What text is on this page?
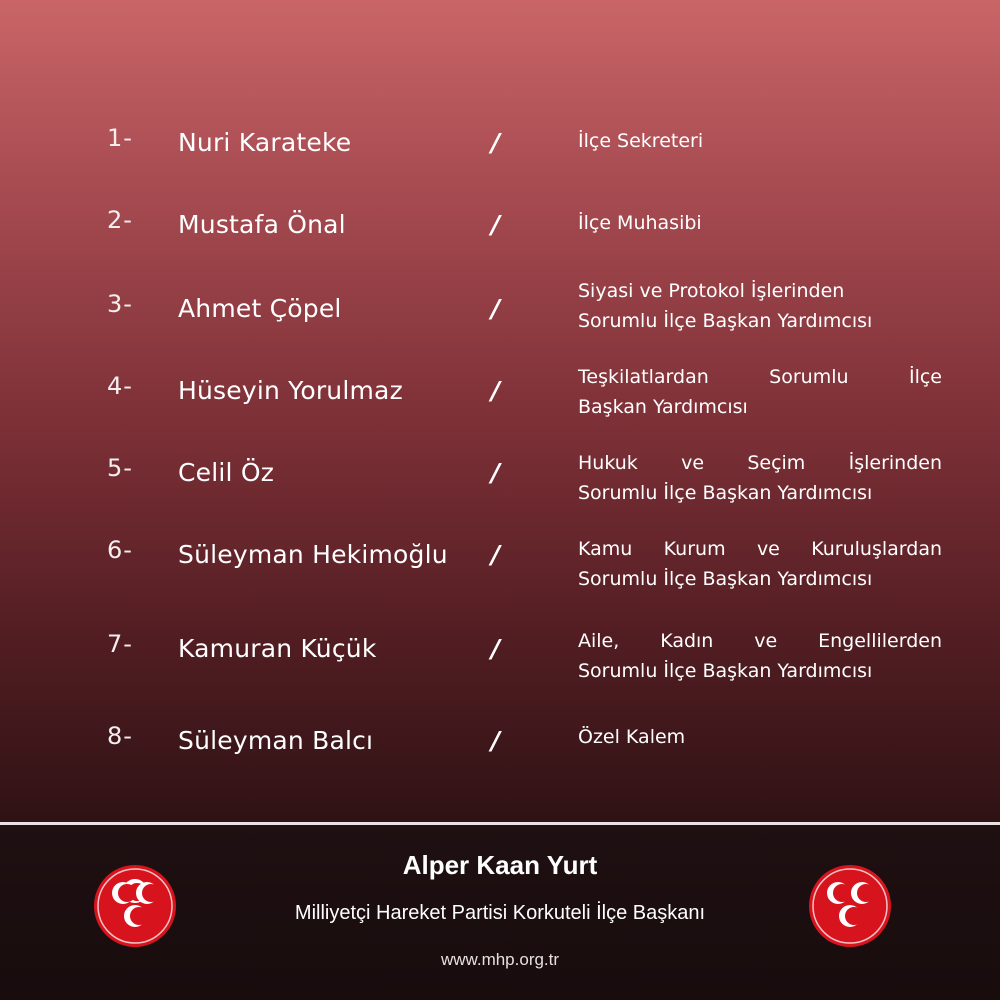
1- Nuri Karateke	/	İlçe Sekreteri
2- Mustafa Önal	/	İlçe Muhasibi
3- Ahmet Çöpel	/
Siyasi ve Protokol İşlerinden
Sorumlu İlçe Başkan Yardımcısı
4- Hüseyin Yorulmaz	/	Teşkilatlardan Sorumlu İlçe
Başkan Yardımcısı
5- Celil Öz	/	Hukuk ve Seçim İşlerinden
Sorumlu İlçe Başkan Yardımcısı
6- Süleyman Hekimoğlu /	Kamu Kurum ve Kuruluşlardan
Sorumlu İlçe Başkan Yardımcısı
7- Kamuran Küçük	/	Aile, Kadın ve Engellilerden
Sorumlu İlçe Başkan Yardımcısı
8- Süleyman Balcı	/	Özel Kalem
Alper Kaan Yurt
Milliyetçi Hareket Partisi Korkuteli İlçe Başkanı
www.mhp.org.tr
